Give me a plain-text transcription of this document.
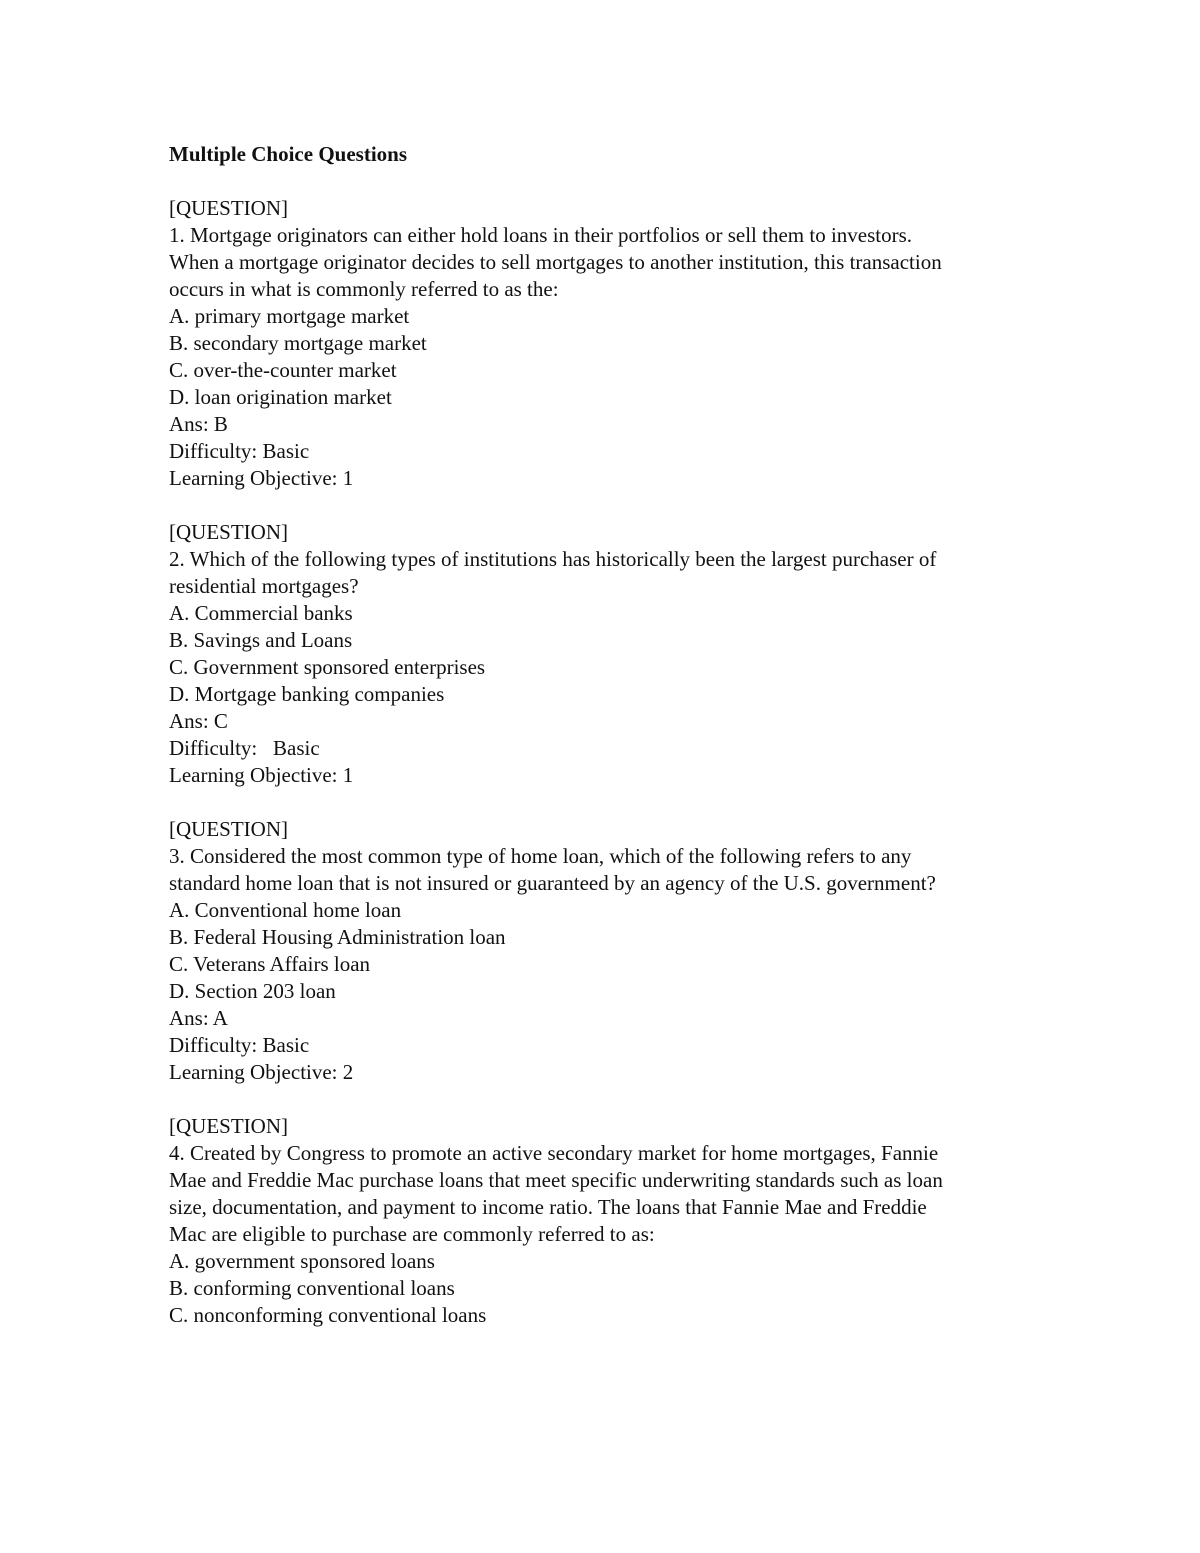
Multiple Choice Questions
[QUESTION]
1. Mortgage originators can either hold loans in their portfolios or sell them to investors.
When a mortgage originator decides to sell mortgages to another institution, this transaction
occurs in what is commonly referred to as the:
A. primary mortgage market
B. secondary mortgage market
C. over-the-counter market
D. loan origination market
Ans: B
Difficulty: Basic
Learning Objective: 1
[QUESTION]
2. Which of the following types of institutions has historically been the largest purchaser of
residential mortgages?
A. Commercial banks
B. Savings and Loans
C. Government sponsored enterprises
D. Mortgage banking companies
Ans: C
Difficulty:   Basic
Learning Objective: 1
[QUESTION]
3. Considered the most common type of home loan, which of the following refers to any
standard home loan that is not insured or guaranteed by an agency of the U.S. government?
A. Conventional home loan
B. Federal Housing Administration loan
C. Veterans Affairs loan
D. Section 203 loan
Ans: A
Difficulty: Basic
Learning Objective: 2
[QUESTION]
4. Created by Congress to promote an active secondary market for home mortgages, Fannie
Mae and Freddie Mac purchase loans that meet specific underwriting standards such as loan
size, documentation, and payment to income ratio. The loans that Fannie Mae and Freddie
Mac are eligible to purchase are commonly referred to as:
A. government sponsored loans
B. conforming conventional loans
C. nonconforming conventional loans
